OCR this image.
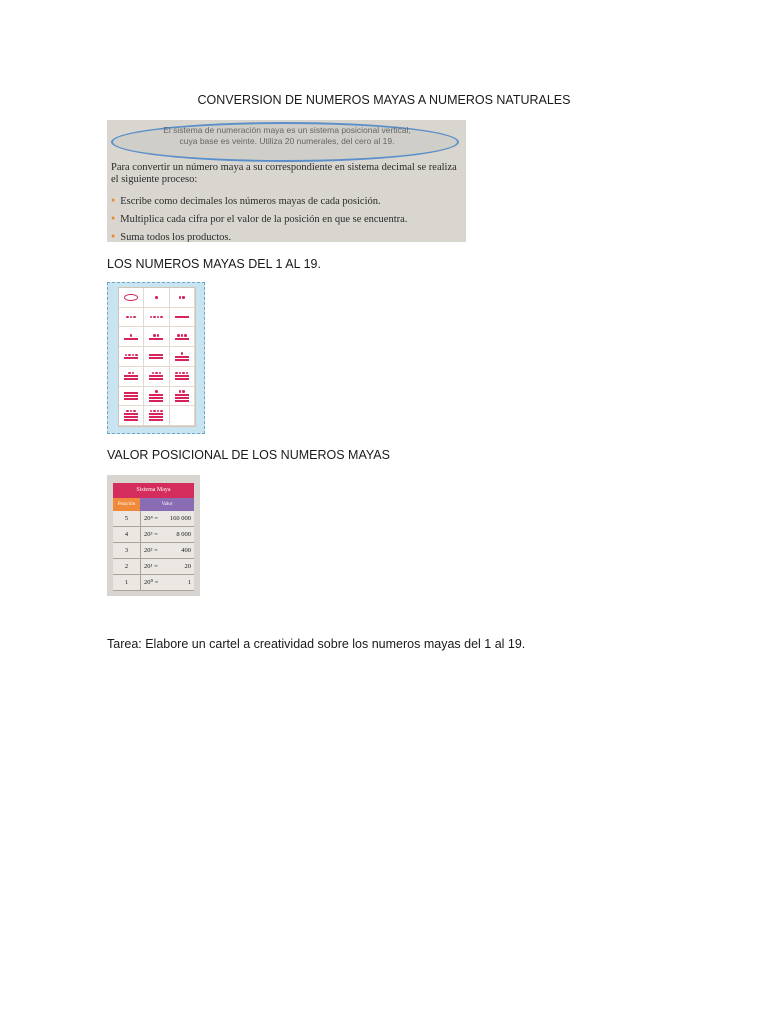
CONVERSION DE NUMEROS MAYAS A NUMEROS NATURALES
El sistema de numeración maya es un sistema posicional vertical,
cuya base es veinte. Utiliza 20 numerales, del cero al 19.
Para convertir un número maya a su correspondiente en sistema decimal se realiza el siguiente proceso:
● Escribe como decimales los números mayas de cada posición.
● Multiplica cada cifra por el valor de la posición en que se encuentra.
● Suma todos los productos.
LOS NUMEROS MAYAS DEL 1 AL 19.
VALOR POSICIONAL DE LOS NUMEROS MAYAS
Sistema Maya
Posición	Valor
5	20⁴ = 160 000
4	20³ =	8 000
3	20² =	400
2	20¹ =	20
1	20⁰ =	1
Tarea: Elabore un cartel a creatividad sobre los numeros mayas del 1 al 19.
